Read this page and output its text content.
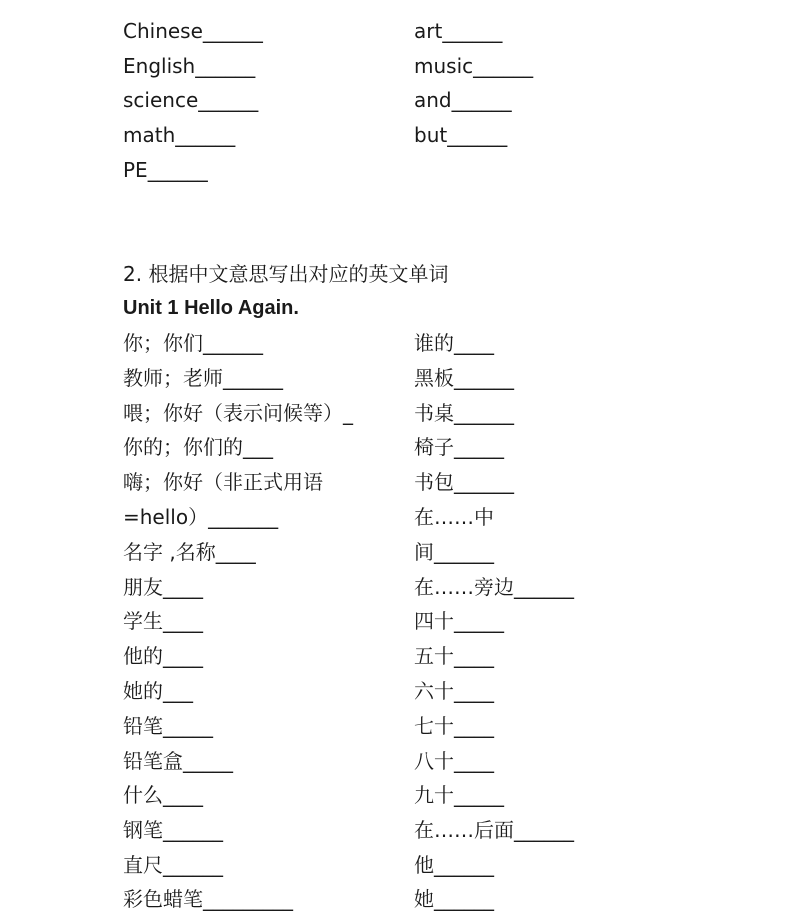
Chinese______
English______
science______
math______
PE______
art______
music______
and______
but______
2. 根据中文意思写出对应的英文单词
Unit 1 Hello Again.
你；你们______
教师；老师______
喂；你好（表示问候等）_
你的；你们的___
嗨；你好（非正式用语
=hello）_______
名字 ,名称____
朋友____
学生____
他的____
她的___
铅笔_____
铅笔盒_____
什么____
钢笔______
直尺______
彩色蜡笔_________
谁的____
黑板______
书桌______
椅子_____
书包______
在……中
间______
在……旁边______
四十_____
五十____
六十____
七十____
八十____
九十_____
在……后面______
他______
她______
